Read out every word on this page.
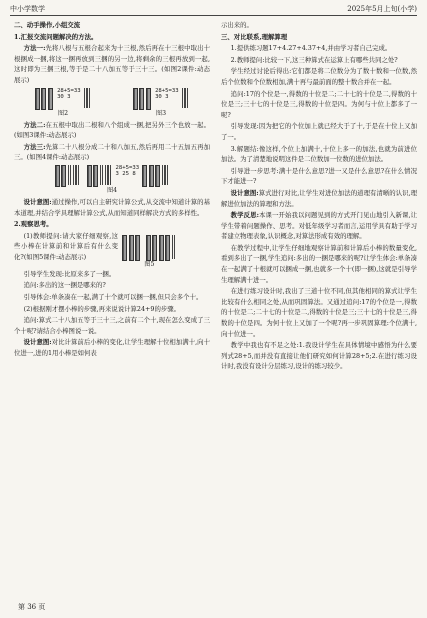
中小学数学	2025年5月上旬(小学)
二、动手操作,小组交流
1.汇报交流问题解决的方法。

方法一:先将八根与五根合起来为十三根,然后再在十三根中取出十根捆成一捆,将这一捆再放到三捆的另一边,将剩余的三根再放到一起,这时即为三捆三根,等于是二十八加五等于三十三。(如图2课件:动态展示)

28+5=33
30 3
图2
28+5=33
30 3
图3

方法二:在五根中取出二根和八个组成一捆,把另外三个也放一起。(如图3课件:动态展示)

方法三:先算二十八根分成二十和八加五,然后再用二十五加五再加三。(如图4课件:动态展示)

28+5=33
3 25 8
图4

设计意图:通过操作,可以自主研究计算公式,从交流中知道计算的基本道理,并结合学具理解计算公式,从而知道同样解决方式的多样性。

2.观察思考。

(1)教师提问:请大家仔细观察,这些小棒在计算前和计算后有什么变化?(如图5课件:动态展示)

图5

引导学生发现:比原来多了一捆。

追问:多出的这一捆是哪来的?

引导体会:单条凑在一起,满了十个就可以捆一捆,但只会多个十。

(2)根据刚才摆小棒的步骤,再来说说计算24+9的步骤。

追问:算式二十八加五等于三十三,之前有二个十,现在怎么变成了三个十呢?请结合小棒图说一说。

设计意图:对比计算前后小棒的变化,让学生理解十位相加满十,向十位进一,进的1用小棒是如何表

示出来的。

三、对比联系,理解算理

1.提供练习题17+4.27+4.37+4,并由学习者自己完成。

2.教师提问:比较一下,这三种算式在运算上有哪些共同之处?

学生经过讨论后得出:它们都是将二位数分为了数十数和一位数,然后个位数和个位数相加,满十再与最前面的整十数合并在一起。

追问:17的个位是一,得数的十位是二;二十七的十位是二,得数的十位是三;三十七的十位是三,得数的十位是四。为何与十位上都多了一呢?

引导发现:因为把它的个位加上就已经大于了十,于是在十位上又加了一。

3.解题结:像这样,个位上加满十,十位上多一的加法,也就为前进位加法。为了清楚地说明这件是二位数加一位数的进位加法。

引导进一步思考:满十是什么意思?进一又是什么意思?在什么情况下才能进一?

设计意图:算式进行对比,让学生对进位加法的道理有清晰的认识,理解进位加法的算理和方法。

教学反思:本课一开始我以问题见到的方式开门见山地引入新课,让学生带着问题操作、思考。对低年级学习者而言,运用学具有助于学习者建立物理表象,认识概念,对算法形成有效的理解。

在教学过程中,让学生仔细地观察计算前和计算后小棒的数量变化,看到多出了一捆,学生追问:多出的一捆是哪来的呢?让学生体会:单条凑在一起满了十根就可以捆成一捆,也就多一个十(即一捆),这就是引导学生理解满十进一。

在进行练习设计时,我出了三道十位不同,但其他相同的算式让学生比较有什么相同之处,从而巩固算法。又通过追问:17的个位是一,得数的十位是二;二十七的十位是二,得数的十位是三;三十七的十位是三,得数的十位是四。为何十位上又加了一个呢?再一步巩固算理:个位满十,向十位进一。

教学中我也有不足之处:1.我设计学生在具体情境中感悟为什么要列式28+5,而并没有直接让他们研究如何计算28+5;2.在进行练习设计时,我没有设计分层练习,设计的练习较少。

第 36 页
